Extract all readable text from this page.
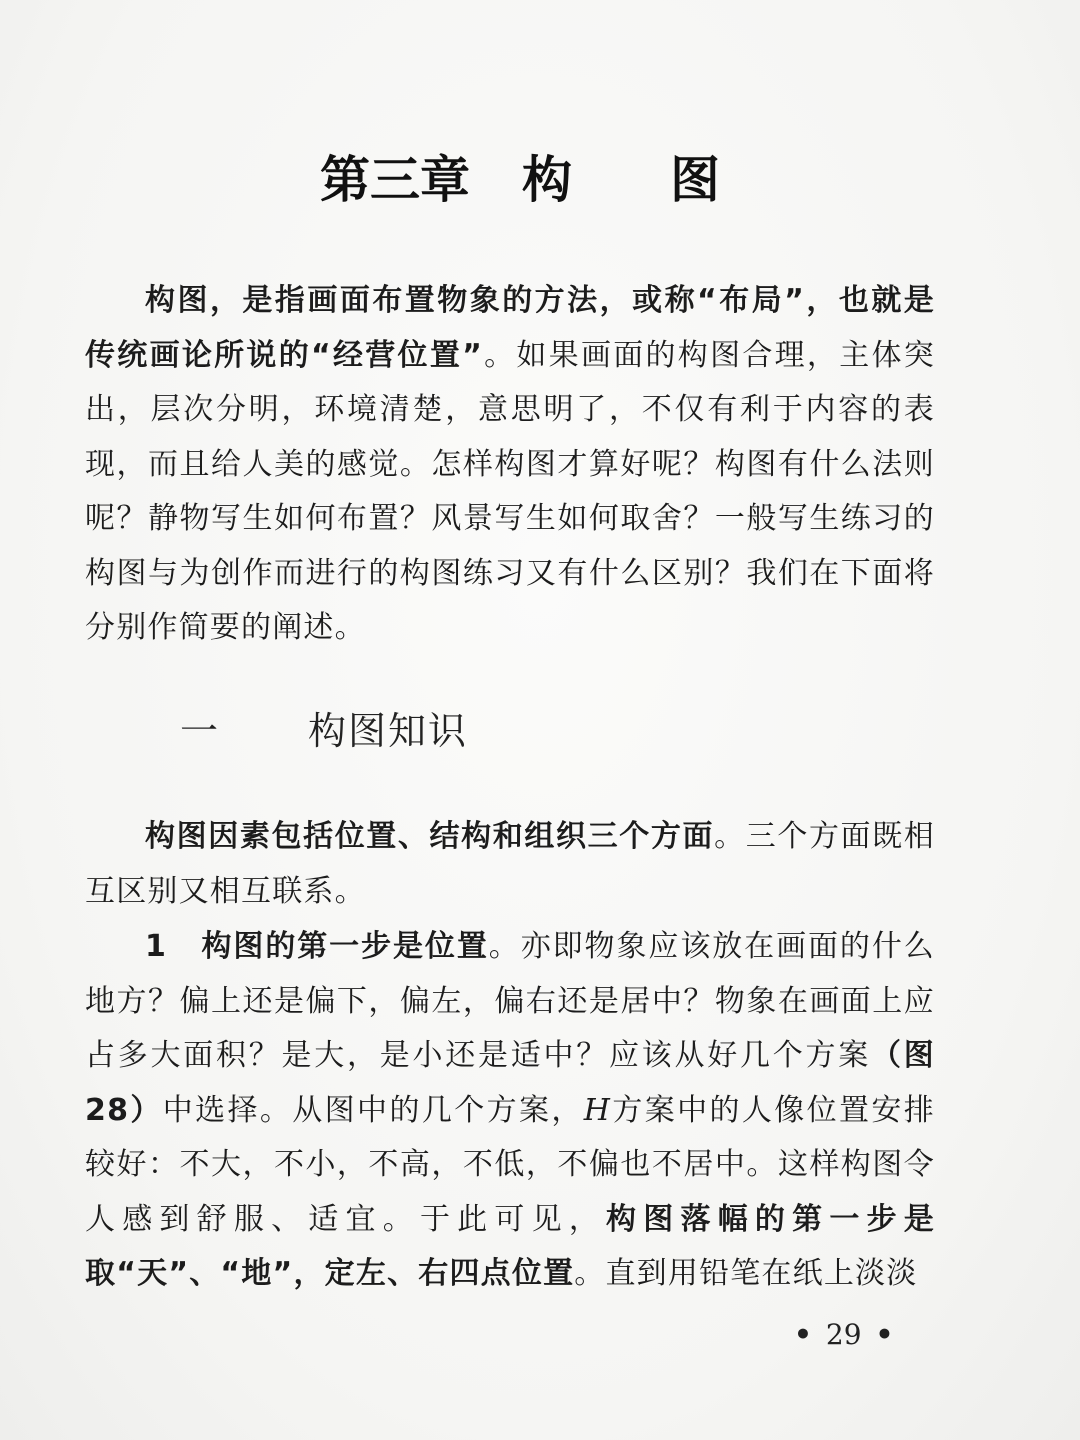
第三章 构 图

构图，是指画面布置物象的方法，或称“布局”，也就是传统画论所说的“经营位置”。如果画面的构图合理，主体突出，层次分明，环境清楚，意思明了，不仅有利于内容的表现，而且给人美的感觉。怎样构图才算好呢？构图有什么法则呢？静物写生如何布置？风景写生如何取舍？一般写生练习的构图与为创作而进行的构图练习又有什么区别？我们在下面将分别作简要的阐述。

一 构图知识

构图因素包括位置、结构和组织三个方面。三个方面既相互区别又相互联系。

1 构图的第一步是位置。亦即物象应该放在画面的什么地方？偏上还是偏下，偏左，偏右还是居中？物象在画面上应占多大面积？是大，是小还是适中？应该从好几个方案（图28）中选择。从图中的几个方案，H方案中的人像位置安排较好：不大，不小，不高，不低，不偏也不居中。这样构图令人感到舒服、适宜。于此可见，构图落幅的第一步是取“天”、“地”，定左、右四点位置。直到用铅笔在纸上淡淡

• 29 •
